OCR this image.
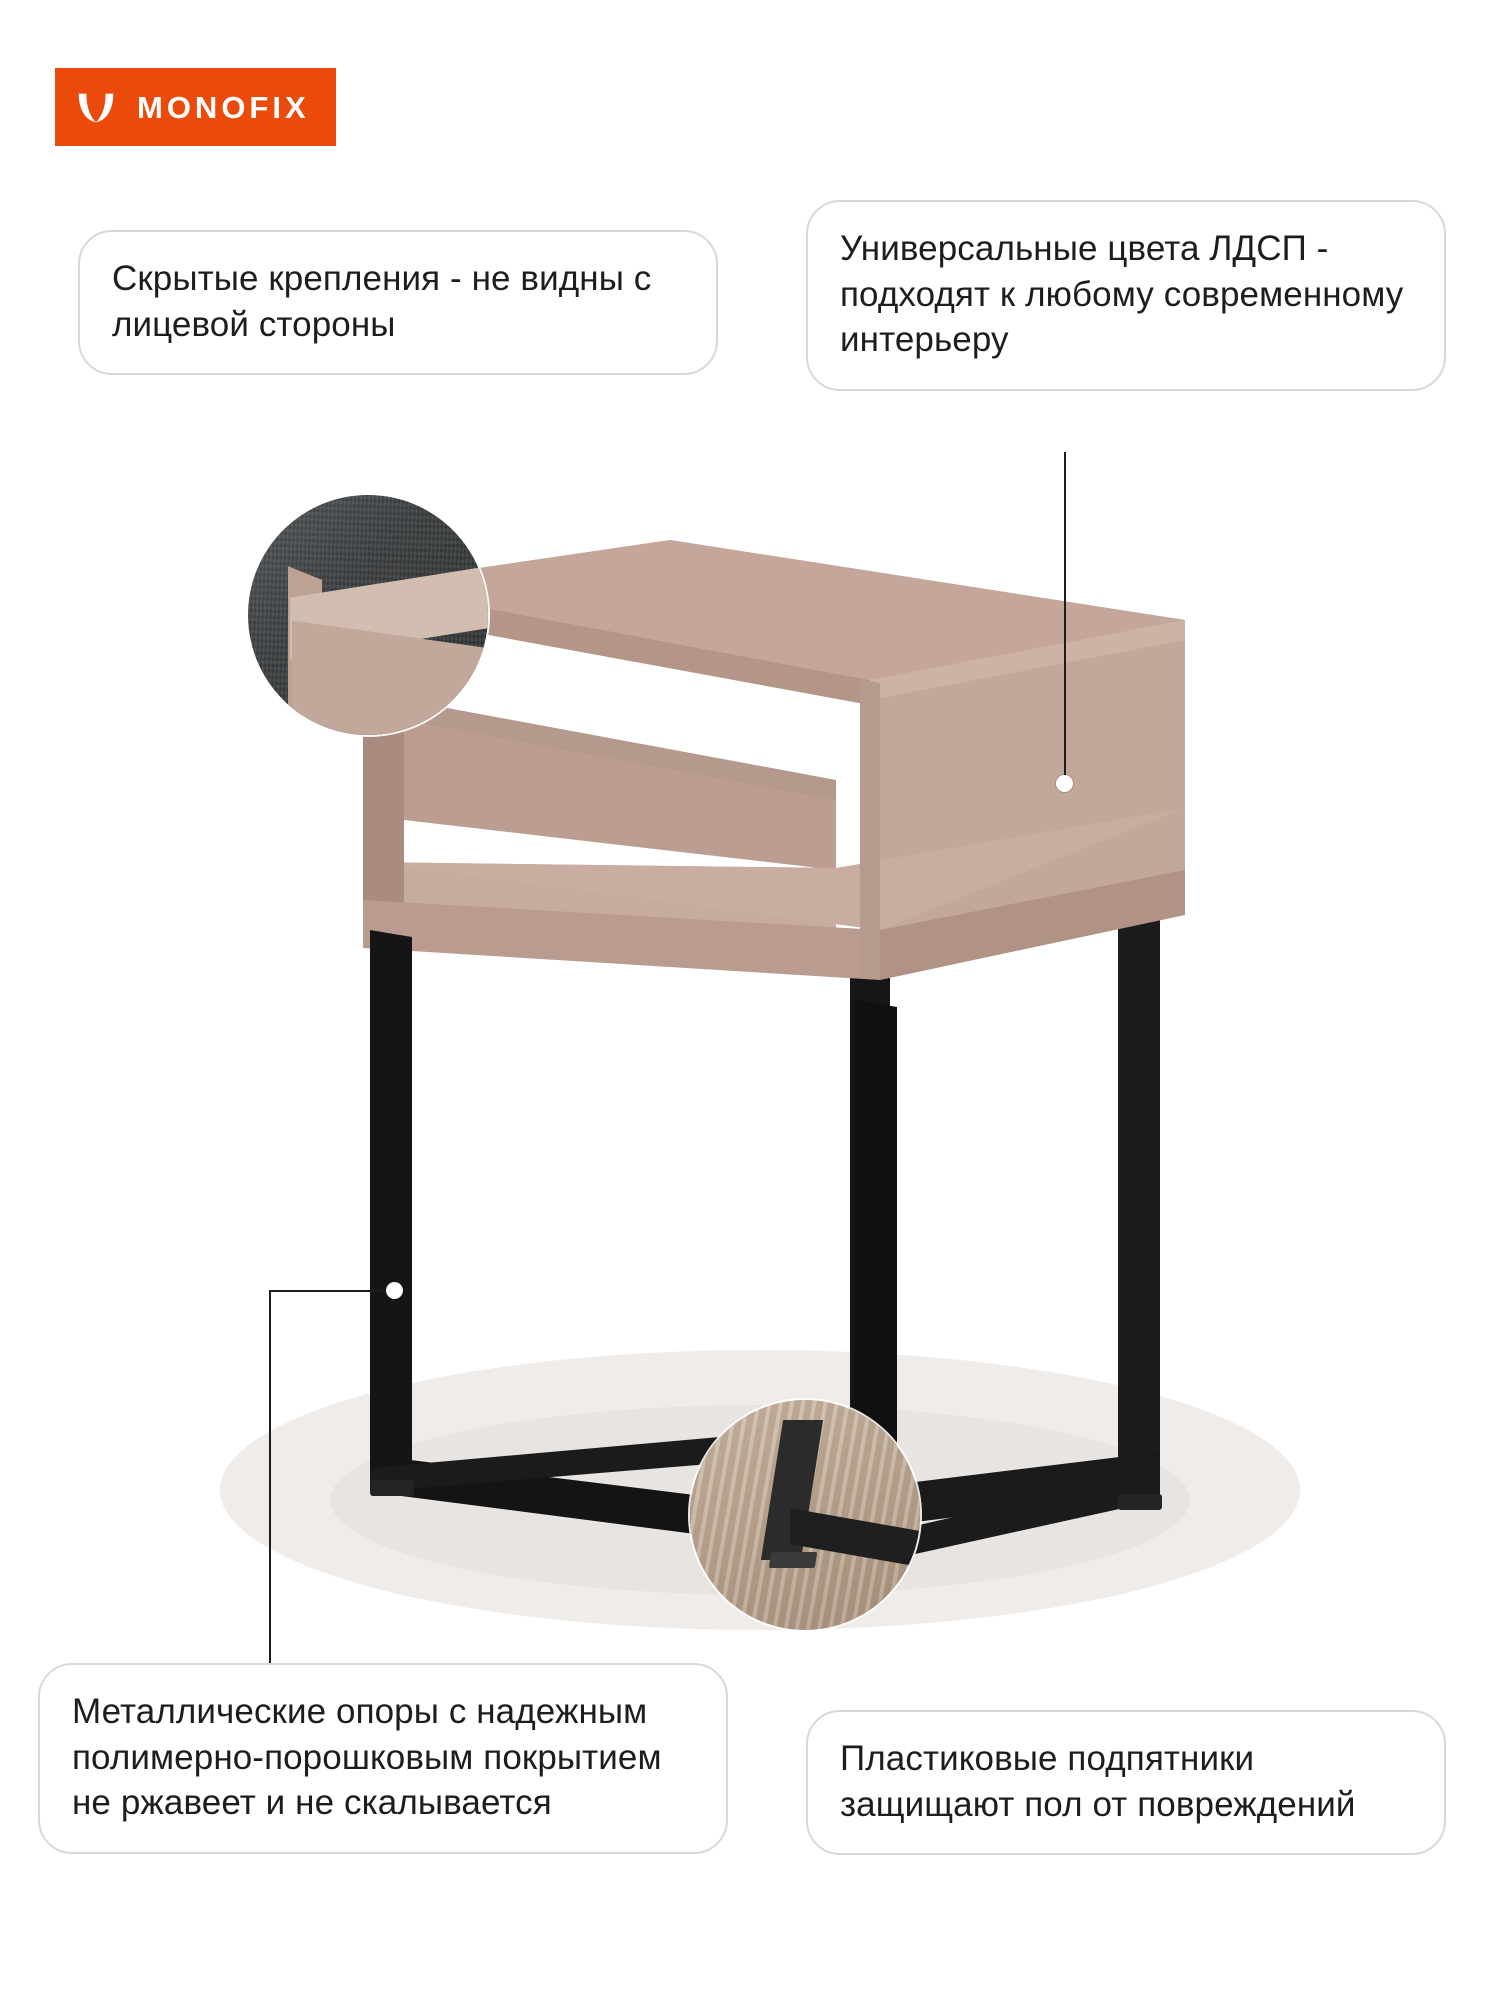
MONOFIX
Скрытые крепления - не видны с лицевой стороны
Универсальные цвета ЛДСП - подходят к любому современному интерьеру
Металлические опоры с надежным полимерно-порошковым покрытием не ржавеет и не скалывается
Пластиковые подпятники защищают пол от повреждений
